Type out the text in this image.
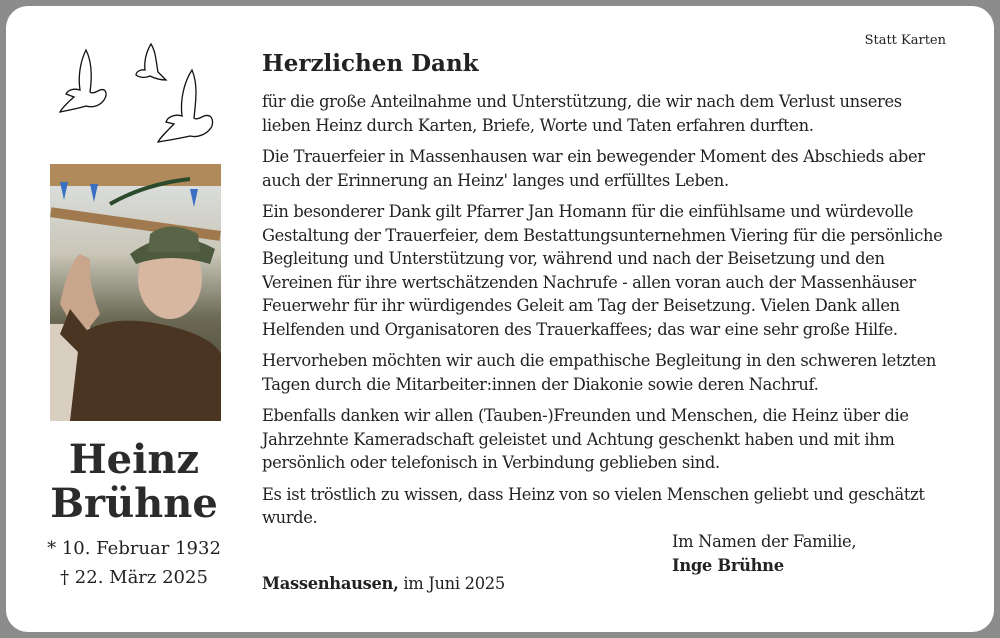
Statt Karten
Heinz
Brühne
* 10. Februar 1932
† 22. März 2025
Herzlichen Dank
für die große Anteilnahme und Unterstützung, die wir nach dem Verlust unseres
lieben Heinz durch Karten, Briefe, Worte und Taten erfahren durften.
Die Trauerfeier in Massenhausen war ein bewegender Moment des Abschieds aber
auch der Erinnerung an Heinz' langes und erfülltes Leben.
Ein besonderer Dank gilt Pfarrer Jan Homann für die einfühlsame und würdevolle
Gestaltung der Trauerfeier, dem Bestattungsunternehmen Viering für die persönliche
Begleitung und Unterstützung vor, während und nach der Beisetzung und den
Vereinen für ihre wertschätzenden Nachrufe - allen voran auch der Massenhäuser
Feuerwehr für ihr würdigendes Geleit am Tag der Beisetzung. Vielen Dank allen
Helfenden und Organisatoren des Trauerkaffees; das war eine sehr große Hilfe.
Hervorheben möchten wir auch die empathische Begleitung in den schweren letzten
Tagen durch die Mitarbeiter:innen der Diakonie sowie deren Nachruf.
Ebenfalls danken wir allen (Tauben-)Freunden und Menschen, die Heinz über die
Jahrzehnte Kameradschaft geleistet und Achtung geschenkt haben und mit ihm
persönlich oder telefonisch in Verbindung geblieben sind.
Es ist tröstlich zu wissen, dass Heinz von so vielen Menschen geliebt und geschätzt
wurde.
Im Namen der Familie,
Inge Brühne
Massenhausen, im Juni 2025
